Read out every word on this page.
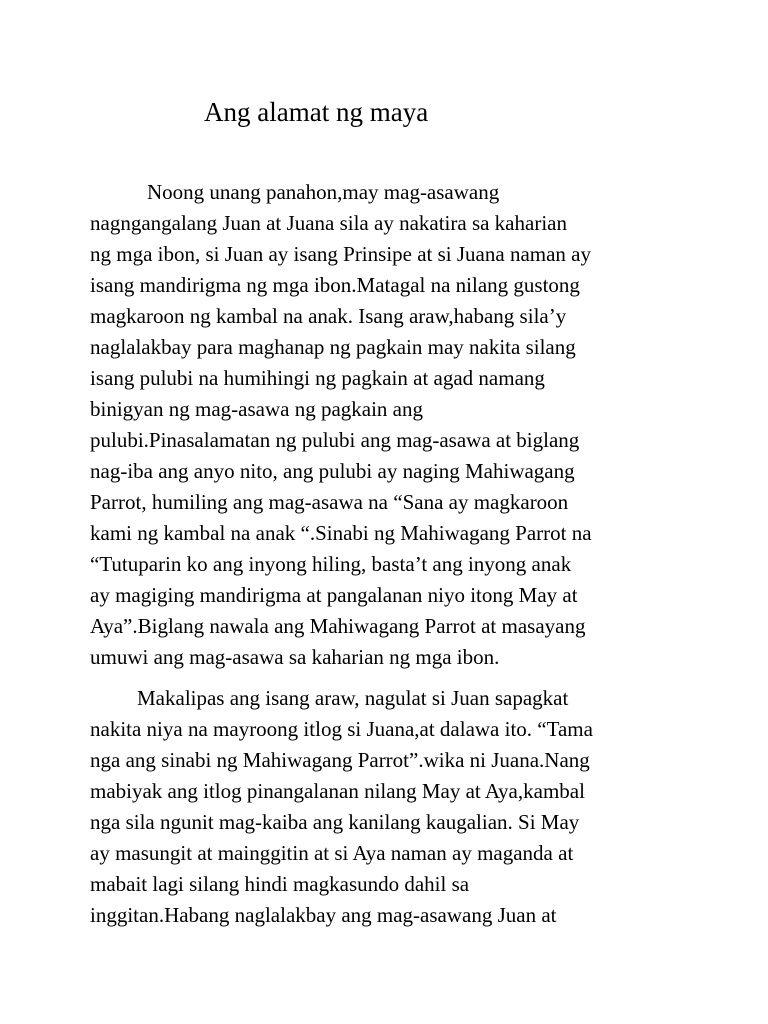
Ang alamat ng maya
Noong unang panahon,may mag-asawang
nagngangalang Juan at Juana sila ay nakatira sa kaharian
ng mga ibon, si Juan ay isang Prinsipe at si Juana naman ay
isang mandirigma ng mga ibon.Matagal na nilang gustong
magkaroon ng kambal na anak. Isang araw,habang sila’y
naglalakbay para maghanap ng pagkain may nakita silang
isang pulubi na humihingi ng pagkain at agad namang
binigyan ng mag-asawa ng pagkain ang
pulubi.Pinasalamatan ng pulubi ang mag-asawa at biglang
nag-iba ang anyo nito, ang pulubi ay naging Mahiwagang
Parrot, humiling ang mag-asawa na “Sana ay magkaroon
kami ng kambal na anak “.Sinabi ng Mahiwagang Parrot na
“Tutuparin ko ang inyong hiling, basta’t ang inyong anak
ay magiging mandirigma at pangalanan niyo itong May at
Aya”.Biglang nawala ang Mahiwagang Parrot at masayang
umuwi ang mag-asawa sa kaharian ng mga ibon.
Makalipas ang isang araw, nagulat si Juan sapagkat
nakita niya na mayroong itlog si Juana,at dalawa ito. “Tama
nga ang sinabi ng Mahiwagang Parrot”.wika ni Juana.Nang
mabiyak ang itlog pinangalanan nilang May at Aya,kambal
nga sila ngunit mag-kaiba ang kanilang kaugalian. Si May
ay masungit at mainggitin at si Aya naman ay maganda at
mabait lagi silang hindi magkasundo dahil sa
inggitan.Habang naglalakbay ang mag-asawang Juan at
